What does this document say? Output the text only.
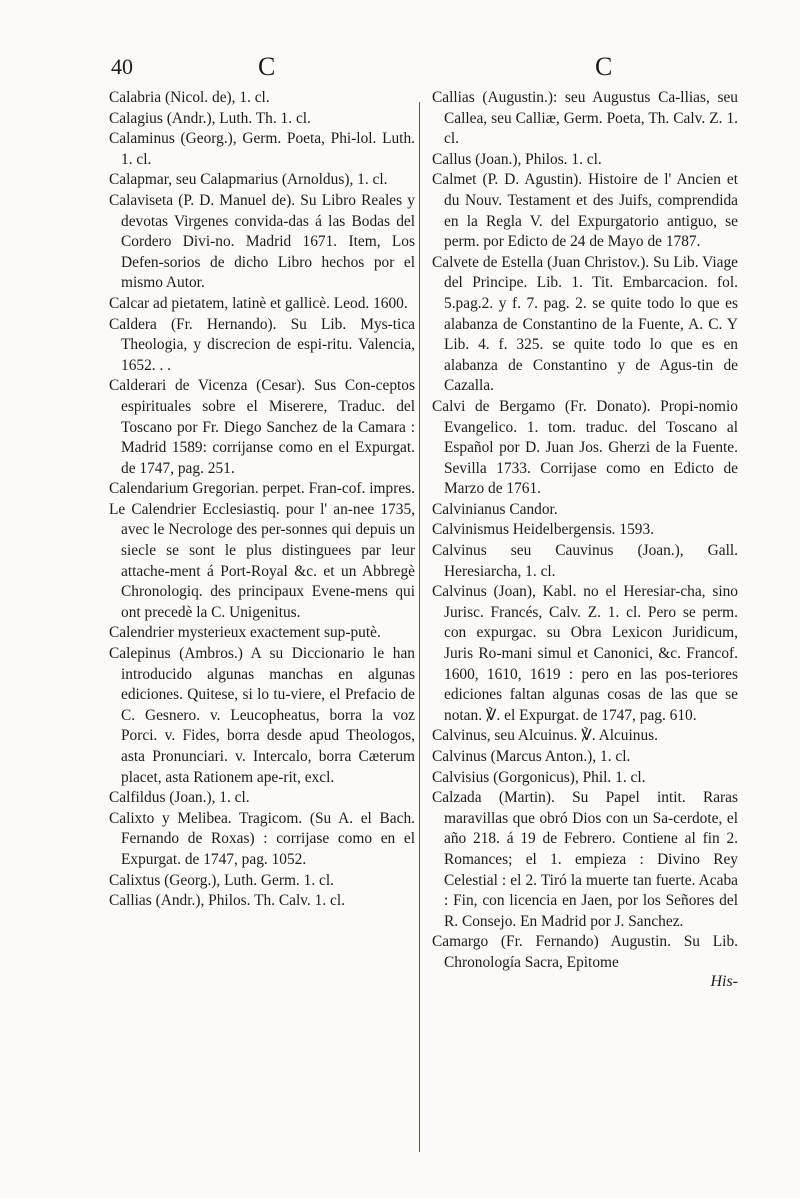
40	C	C

Calabria (Nicol. de), 1. cl.

Calagius (Andr.), Luth. Th. 1. cl.

Calaminus (Georg.), Germ. Poeta, Phi-lol. Luth. 1. cl.

Calapmar, seu Calapmarius (Arnoldus), 1. cl.

Calaviseta (P. D. Manuel de). Su Libro Reales y devotas Virgenes convida-das á las Bodas del Cordero Divi-no. Madrid 1671. Item, Los Defen-sorios de dicho Libro hechos por el mismo Autor.

Calcar ad pietatem, latinè et gallicè. Leod. 1600.

Caldera (Fr. Hernando). Su Lib. Mys-tica Theologia, y discrecion de espi-ritu. Valencia, 1652. . .

Calderari de Vicenza (Cesar). Sus Con-ceptos espirituales sobre el Miserere, Traduc. del Toscano por Fr. Diego Sanchez de la Camara : Madrid 1589: corrijanse como en el Expurgat. de 1747, pag. 251.

Calendarium Gregorian. perpet. Fran-cof. impres.

Le Calendrier Ecclesiastiq. pour l' an-nee 1735, avec le Necrologe des per-sonnes qui depuis un siecle se sont le plus distinguees par leur attache-ment á Port-Royal &c. et un Abbregè Chronologiq. des principaux Evene-mens qui ont precedè la C. Unigenitus.

Calendrier mysterieux exactement sup-putè.

Calepinus (Ambros.) A su Diccionario le han introducido algunas manchas en algunas ediciones. Quitese, si lo tu-viere, el Prefacio de C. Gesnero. v. Leucopheatus, borra la voz Porci. v. Fides, borra desde apud Theologos, asta Pronunciari. v. Intercalo, borra Cæterum placet, asta Rationem ape-rit, excl.

Calfildus (Joan.), 1. cl.

Calixto y Melibea. Tragicom. (Su A. el Bach. Fernando de Roxas) : corrijase como en el Expurgat. de 1747, pag. 1052.

Calixtus (Georg.), Luth. Germ. 1. cl.

Callias (Andr.), Philos. Th. Calv. 1. cl.

Callias (Augustin.): seu Augustus Ca-llias, seu Callea, seu Calliæ, Germ. Poeta, Th. Calv. Z. 1. cl.

Callus (Joan.), Philos. 1. cl.

Calmet (P. D. Agustin). Histoire de l' Ancien et du Nouv. Testament et des Juifs, comprendida en la Regla V. del Expurgatorio antiguo, se perm. por Edicto de 24 de Mayo de 1787.

Calvete de Estella (Juan Christov.). Su Lib. Viage del Principe. Lib. 1. Tit. Embarcacion. fol. 5.pag.2. y f. 7. pag. 2. se quite todo lo que es alabanza de Constantino de la Fuente, A. C. Y Lib. 4. f. 325. se quite todo lo que es en alabanza de Constantino y de Agus-tin de Cazalla.

Calvi de Bergamo (Fr. Donato). Propi-nomio Evangelico. 1. tom. traduc. del Toscano al Español por D. Juan Jos. Gherzi de la Fuente. Sevilla 1733. Corrijase como en Edicto de Marzo de 1761.

Calvinianus Candor.

Calvinismus Heidelbergensis. 1593.

Calvinus seu Cauvinus (Joan.), Gall. Heresiarcha, 1. cl.

Calvinus (Joan), Kabl. no el Heresiar-cha, sino Jurisc. Francés, Calv. Z. 1. cl. Pero se perm. con expurgac. su Obra Lexicon Juridicum, Juris Ro-mani simul et Canonici, &c. Francof. 1600, 1610, 1619 : pero en las pos-teriores ediciones faltan algunas cosas de las que se notan. ℣. el Expurgat. de 1747, pag. 610.

Calvinus, seu Alcuinus. ℣. Alcuinus.

Calvinus (Marcus Anton.), 1. cl.

Calvisius (Gorgonicus), Phil. 1. cl.

Calzada (Martin). Su Papel intit. Raras maravillas que obró Dios con un Sa-cerdote, el año 218. á 19 de Febrero. Contiene al fin 2. Romances; el 1. empieza : Divino Rey Celestial : el 2. Tiró la muerte tan fuerte. Acaba : Fin, con licencia en Jaen, por los Señores del R. Consejo. En Madrid por J. Sanchez.

Camargo (Fr. Fernando) Augustin. Su Lib. Chronología Sacra, Epitome

His-
